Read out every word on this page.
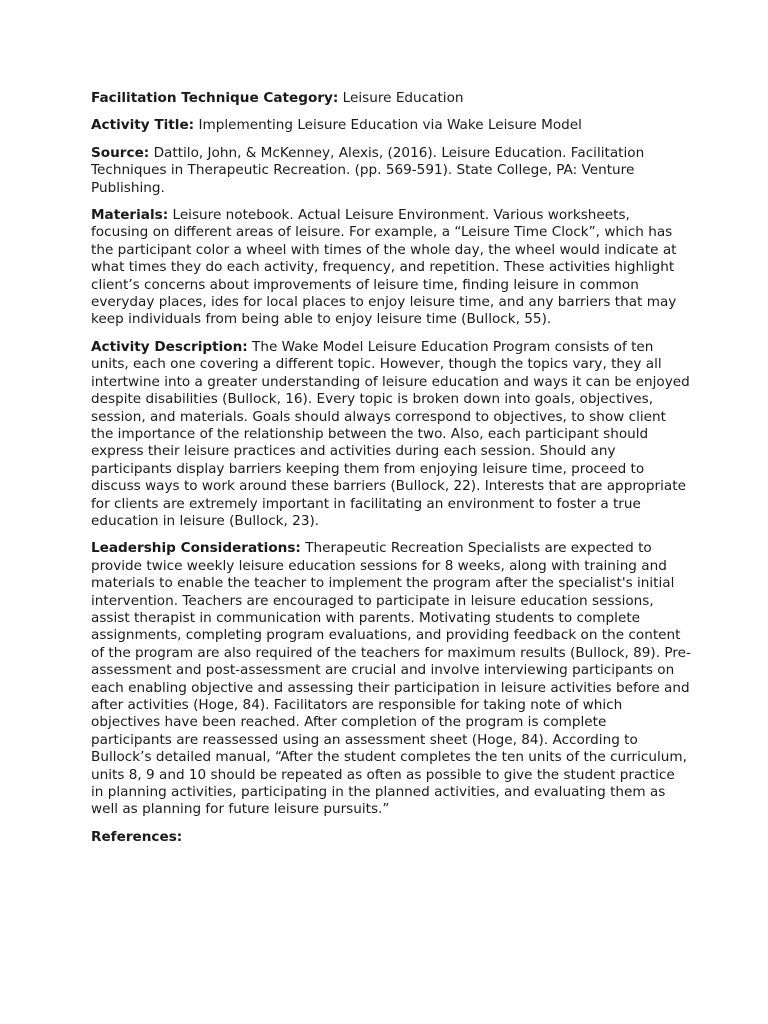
Facilitation Technique Category: Leisure Education

Activity Title: Implementing Leisure Education via Wake Leisure Model

Source: Dattilo, John, & McKenney, Alexis, (2016). Leisure Education. Facilitation Techniques in Therapeutic Recreation. (pp. 569-591). State College, PA: Venture Publishing.

Materials: Leisure notebook. Actual Leisure Environment. Various worksheets, focusing on different areas of leisure. For example, a “Leisure Time Clock”, which has the participant color a wheel with times of the whole day, the wheel would indicate at what times they do each activity, frequency, and repetition. These activities highlight client’s concerns about improvements of leisure time, finding leisure in common everyday places, ides for local places to enjoy leisure time, and any barriers that may keep individuals from being able to enjoy leisure time (Bullock, 55).

Activity Description: The Wake Model Leisure Education Program consists of ten units, each one covering a different topic. However, though the topics vary, they all intertwine into a greater understanding of leisure education and ways it can be enjoyed despite disabilities (Bullock, 16). Every topic is broken down into goals, objectives, session, and materials. Goals should always correspond to objectives, to show client the importance of the relationship between the two. Also, each participant should express their leisure practices and activities during each session. Should any participants display barriers keeping them from enjoying leisure time, proceed to discuss ways to work around these barriers (Bullock, 22). Interests that are appropriate for clients are extremely important in facilitating an environment to foster a true education in leisure (Bullock, 23).

Leadership Considerations: Therapeutic Recreation Specialists are expected to provide twice weekly leisure education sessions for 8 weeks, along with training and materials to enable the teacher to implement the program after the specialist's initial intervention. Teachers are encouraged to participate in leisure education sessions, assist therapist in communication with parents. Motivating students to complete assignments, completing program evaluations, and providing feedback on the content of the program are also required of the teachers for maximum results (Bullock, 89). Pre-assessment and post-assessment are crucial and involve interviewing participants on each enabling objective and assessing their participation in leisure activities before and after activities (Hoge, 84). Facilitators are responsible for taking note of which objectives have been reached. After completion of the program is complete participants are reassessed using an assessment sheet (Hoge, 84). According to Bullock’s detailed manual, “After the student completes the ten units of the curriculum, units 8, 9 and 10 should be repeated as often as possible to give the student practice in planning activities, participating in the planned activities, and evaluating them as well as planning for future leisure pursuits.”

References:
